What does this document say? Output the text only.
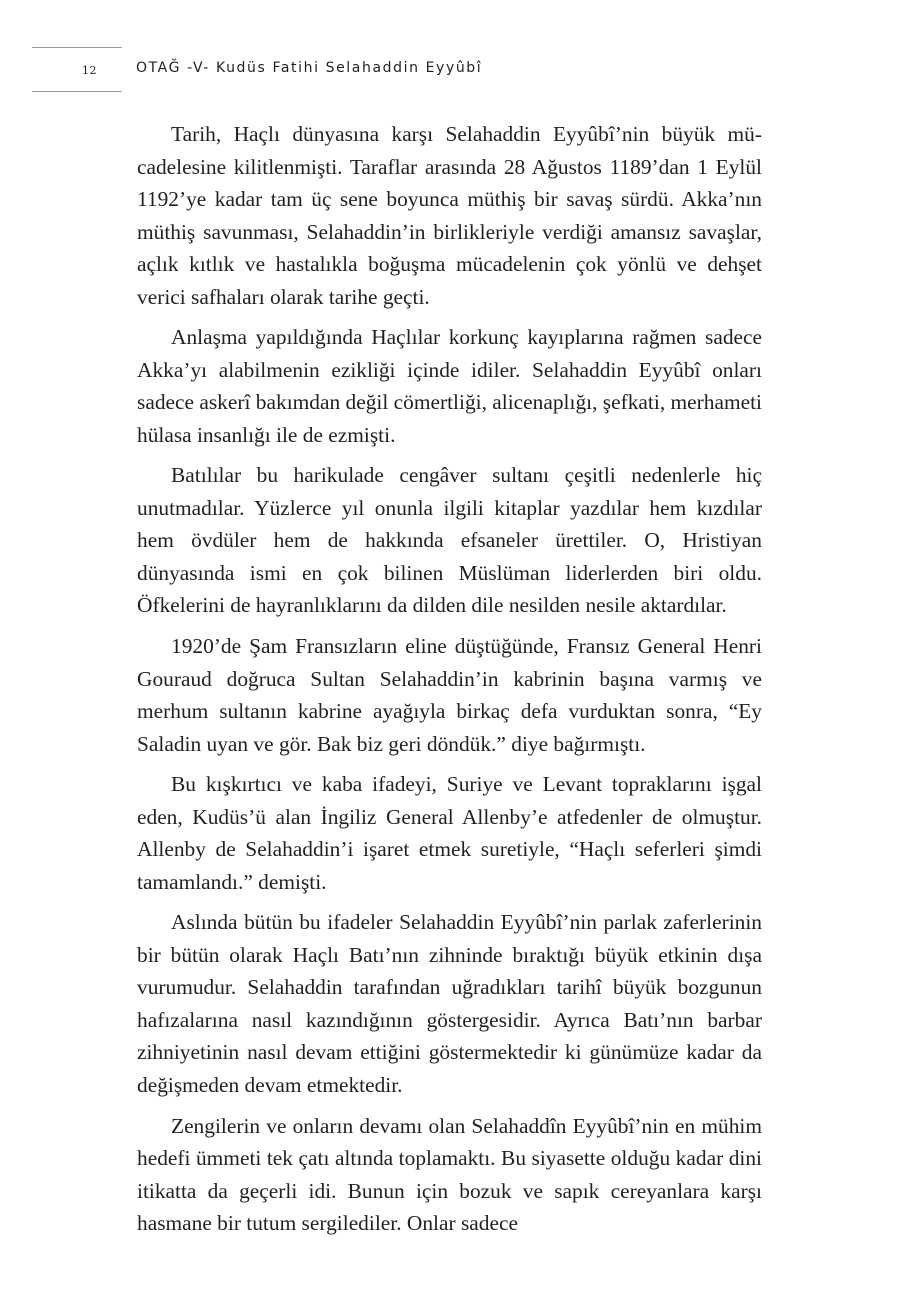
12	OTAĞ -V- Kudüs Fatihi Selahaddin Eyyûbî

Tarih, Haçlı dünyasına karşı Selahaddin Eyyûbî’nin büyük mücadelesine kilitlenmişti. Taraflar arasında 28 Ağustos 1189’dan 1 Eylül 1192’ye kadar tam üç sene boyunca müthiş bir savaş sürdü. Akka’nın müthiş savunması, Selahaddin’in birlikleriyle verdiği amansız savaşlar, açlık kıtlık ve hastalıkla boğuşma mücadelenin çok yönlü ve dehşet verici safhaları olarak tarihe geçti.

Anlaşma yapıldığında Haçlılar korkunç kayıplarına rağmen sadece Akka’yı alabilmenin ezikliği içinde idiler. Selahaddin Eyyûbî onları sadece askerî bakımdan değil cömertliği, alicenaplığı, şefkati, merhameti hülasa insanlığı ile de ezmişti.

Batılılar bu harikulade cengâver sultanı çeşitli nedenlerle hiç unutmadılar. Yüzlerce yıl onunla ilgili kitaplar yazdılar hem kızdılar hem övdüler hem de hakkında efsaneler ürettiler. O, Hristiyan dünyasında ismi en çok bilinen Müslüman liderlerden biri oldu. Öfkelerini de hayranlıklarını da dilden dile nesilden nesile aktardılar.

1920’de Şam Fransızların eline düştüğünde, Fransız General Henri Gouraud doğruca Sultan Selahaddin’in kabrinin başına varmış ve merhum sultanın kabrine ayağıyla birkaç defa vurduktan sonra, “Ey Saladin uyan ve gör. Bak biz geri döndük.” diye bağırmıştı.

Bu kışkırtıcı ve kaba ifadeyi, Suriye ve Levant topraklarını işgal eden, Kudüs’ü alan İngiliz General Allenby’e atfedenler de olmuştur. Allenby de Selahaddin’i işaret etmek suretiyle, “Haçlı seferleri şimdi tamamlandı.” demişti.

Aslında bütün bu ifadeler Selahaddin Eyyûbî’nin parlak zaferlerinin bir bütün olarak Haçlı Batı’nın zihninde bıraktığı büyük etkinin dışa vurumudur. Selahaddin tarafından uğradıkları tarihî büyük bozgunun hafızalarına nasıl kazındığının göstergesidir. Ayrıca Batı’nın barbar zihniyetinin nasıl devam ettiğini göstermektedir ki günümüze kadar da değişmeden devam etmektedir.

Zengilerin ve onların devamı olan Selahaddîn Eyyûbî’nin en mühim hedefi ümmeti tek çatı altında toplamaktı. Bu siyasette olduğu kadar dini itikatta da geçerli idi. Bunun için bozuk ve sapık cereyanlara karşı hasmane bir tutum sergilediler. Onlar sadece
